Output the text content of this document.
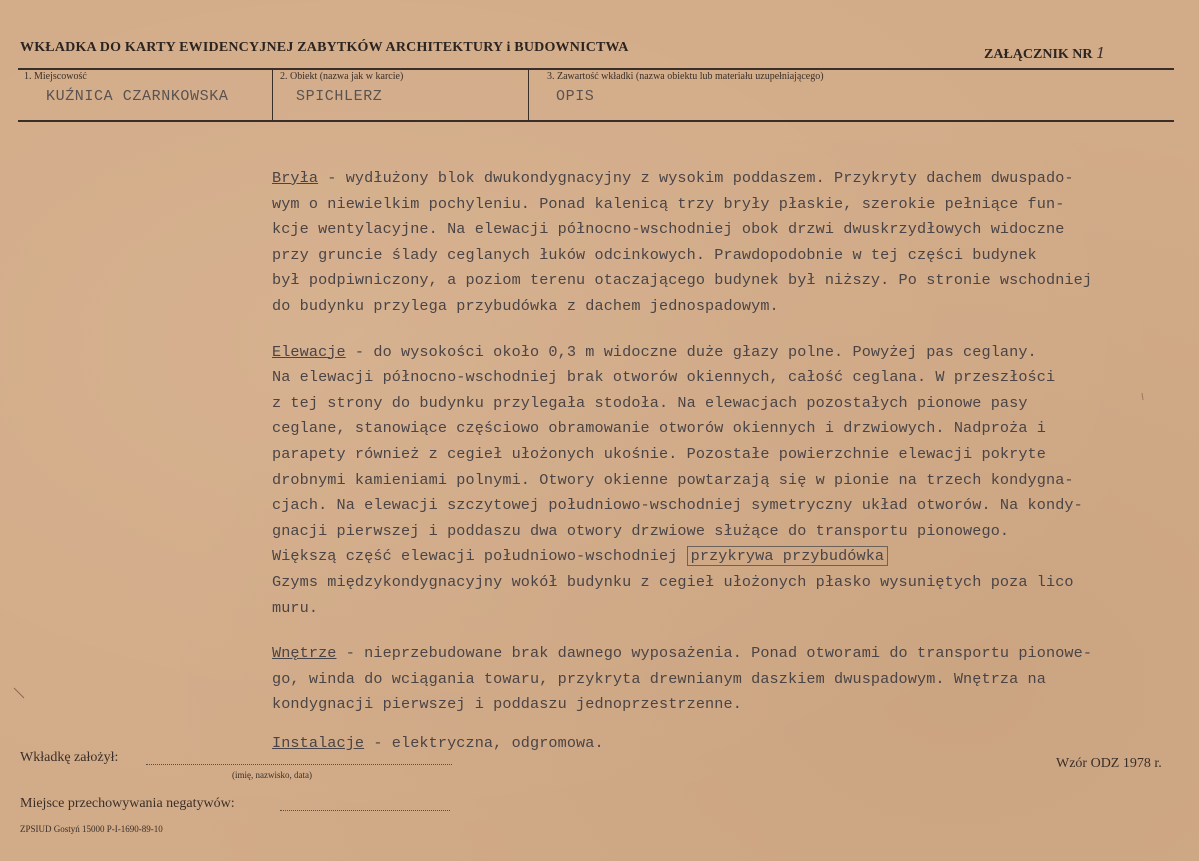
WKŁADKA DO KARTY EWIDENCYJNEJ ZABYTKÓW ARCHITEKTURY i BUDOWNICTWA	ZAŁĄCZNIK NR 1
1. Miejscowość
KUŹNICA CZARNKOWSKA
2. Obiekt (nazwa jak w karcie)
SPICHLERZ
3. Zawartość wkładki (nazwa obiektu lub materiału uzupełniającego)
OPIS
Bryła - wydłużony blok dwukondygnacyjny z wysokim poddaszem. Przykryty dachem dwuspado-
wym o niewielkim pochyleniu. Ponad kalenicą trzy bryły płaskie, szerokie pełniące fun-
kcje wentylacyjne. Na elewacji północno-wschodniej obok drzwi dwuskrzydłowych widoczne
przy gruncie ślady ceglanych łuków odcinkowych. Prawdopodobnie w tej części budynek
był podpiwniczony, a poziom terenu otaczającego budynek był niższy. Po stronie wschodniej
do budynku przylega przybudówka z dachem jednospadowym.
Elewacje - do wysokości około 0,3 m widoczne duże głazy polne. Powyżej pas ceglany.
Na elewacji północno-wschodniej brak otworów okiennych, całość ceglana. W przeszłości
z tej strony do budynku przylegała stodoła. Na elewacjach pozostałych pionowe pasy
ceglane, stanowiące częściowo obramowanie otworów okiennych i drzwiowych. Nadproża i
parapety również z cegieł ułożonych ukośnie. Pozostałe powierzchnie elewacji pokryte
drobnymi kamieniami polnymi. Otwory okienne powtarzają się w pionie na trzech kondygna-
cjach. Na elewacji szczytowej południowo-wschodniej symetryczny układ otworów. Na kondy-
gnacji pierwszej i poddaszu dwa otwory drzwiowe służące do transportu pionowego.
Większą część elewacji południowo-wschodniej przykrywa przybudówka
Gzyms międzykondygnacyjny wokół budynku z cegieł ułożonych płasko wysuniętych poza lico
muru.
Wnętrze - nieprzebudowane brak dawnego wyposażenia. Ponad otworami do transportu pionowe-
go, winda do wciągania towaru, przykryta drewnianym daszkiem dwuspadowym. Wnętrza na
kondygnacji pierwszej i poddaszu jednoprzestrzenne.
Instalacje - elektryczna, odgromowa.
Wkładkę założył:
(imię, nazwisko, data)
Wzór ODZ 1978 r.
Miejsce przechowywania negatywów:
ZPSIUD Gostyń 15000 P-I-1690-89-10
